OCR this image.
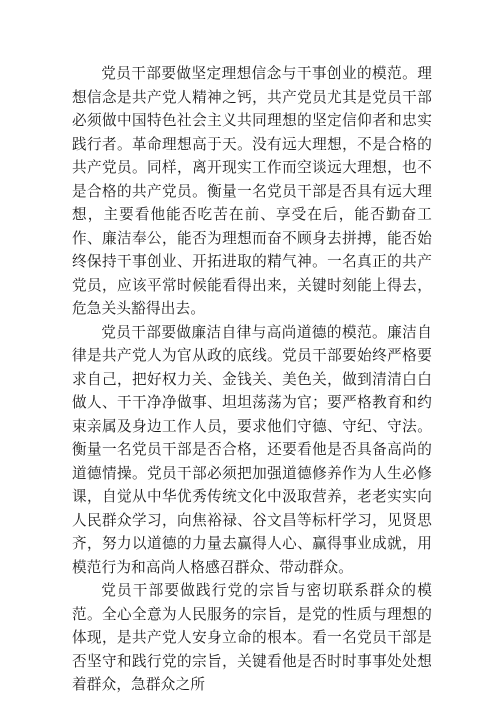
党员干部要做坚定理想信念与干事创业的模范。理想信念是共产党人精神之钙，共产党员尤其是党员干部必须做中国特色社会主义共同理想的坚定信仰者和忠实践行者。革命理想高于天。没有远大理想，不是合格的共产党员。同样，离开现实工作而空谈远大理想，也不是合格的共产党员。衡量一名党员干部是否具有远大理想，主要看他能否吃苦在前、享受在后，能否勤奋工作、廉洁奉公，能否为理想而奋不顾身去拼搏，能否始终保持干事创业、开拓进取的精气神。一名真正的共产党员，应该平常时候能看得出来，关键时刻能上得去，危急关头豁得出去。

党员干部要做廉洁自律与高尚道德的模范。廉洁自律是共产党人为官从政的底线。党员干部要始终严格要求自己，把好权力关、金钱关、美色关，做到清清白白做人、干干净净做事、坦坦荡荡为官；要严格教育和约束亲属及身边工作人员，要求他们守德、守纪、守法。衡量一名党员干部是否合格，还要看他是否具备高尚的道德情操。党员干部必须把加强道德修养作为人生必修课，自觉从中华优秀传统文化中汲取营养，老老实实向人民群众学习，向焦裕禄、谷文昌等标杆学习，见贤思齐，努力以道德的力量去赢得人心、赢得事业成就，用模范行为和高尚人格感召群众、带动群众。

党员干部要做践行党的宗旨与密切联系群众的模范。全心全意为人民服务的宗旨，是党的性质与理想的体现，是共产党人安身立命的根本。看一名党员干部是否坚守和践行党的宗旨，关键看他是否时时事事处处想着群众，急群众之所
